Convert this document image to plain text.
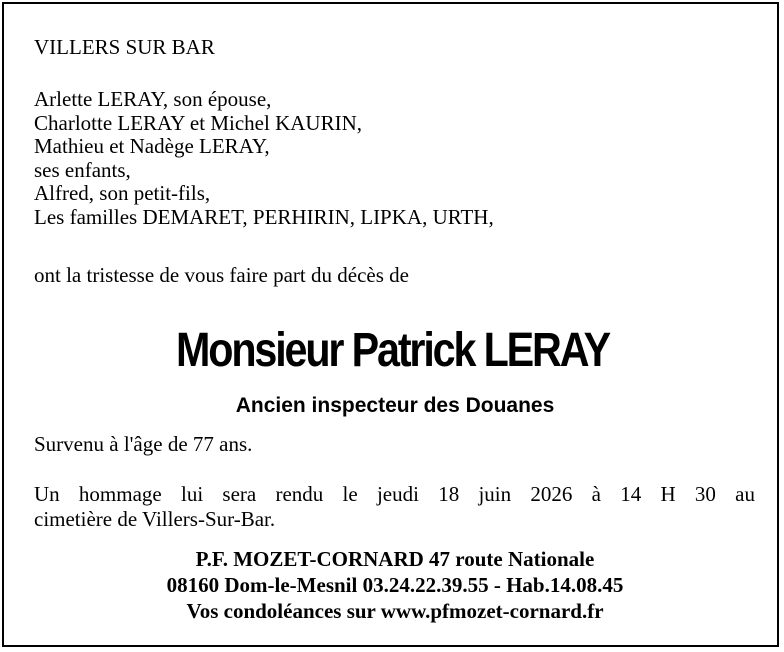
VILLERS SUR BAR
Arlette LERAY, son épouse,
Charlotte LERAY et Michel KAURIN,
Mathieu et Nadège LERAY,
ses enfants,
Alfred, son petit-fils,
Les familles DEMARET, PERHIRIN, LIPKA, URTH,
ont la tristesse de vous faire part du décès de
Monsieur Patrick LERAY
Ancien inspecteur des Douanes
Survenu à l'âge de 77 ans.
Un hommage lui sera rendu le jeudi 18 juin 2026 à 14 H 30 au
cimetière de Villers-Sur-Bar.
P.F. MOZET-CORNARD 47 route Nationale
08160 Dom-le-Mesnil 03.24.22.39.55 - Hab.14.08.45
Vos condoléances sur www.pfmozet-cornard.fr
